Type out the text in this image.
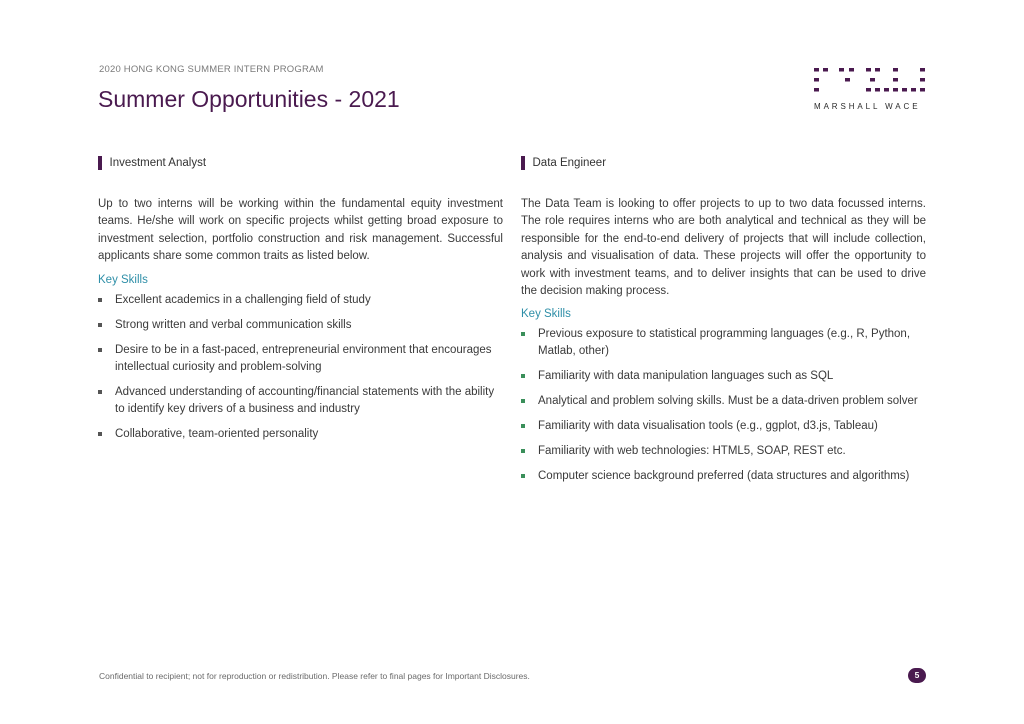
2020 HONG KONG SUMMER INTERN PROGRAM
Summer Opportunities - 2021	MARSHALL WACE
Investment Analyst

Up to two interns will be working within the fundamental equity investment teams. He/she will work on specific projects whilst getting broad exposure to investment selection, portfolio construction and risk management. Successful applicants share some common traits as listed below.

Key Skills
Excellent academics in a challenging field of study
Strong written and verbal communication skills
Desire to be in a fast-paced, entrepreneurial environment that encourages intellectual curiosity and problem-solving
Advanced understanding of accounting/financial statements with the ability to identify key drivers of a business and industry
Collaborative, team-oriented personality
Data Engineer

The Data Team is looking to offer projects to up to two data focussed interns. The role requires interns who are both analytical and technical as they will be responsible for the end-to-end delivery of projects that will include collection, analysis and visualisation of data. These projects will offer the opportunity to work with investment teams, and to deliver insights that can be used to drive the decision making process.

Key Skills
Previous exposure to statistical programming languages (e.g., R, Python, Matlab, other)
Familiarity with data manipulation languages such as SQL
Analytical and problem solving skills. Must be a data-driven problem solver
Familiarity with data visualisation tools (e.g., ggplot, d3.js, Tableau)
Familiarity with web technologies: HTML5, SOAP, REST etc.
Computer science background preferred (data structures and algorithms)
Confidential to recipient; not for reproduction or redistribution. Please refer to final pages for Important Disclosures.	5
